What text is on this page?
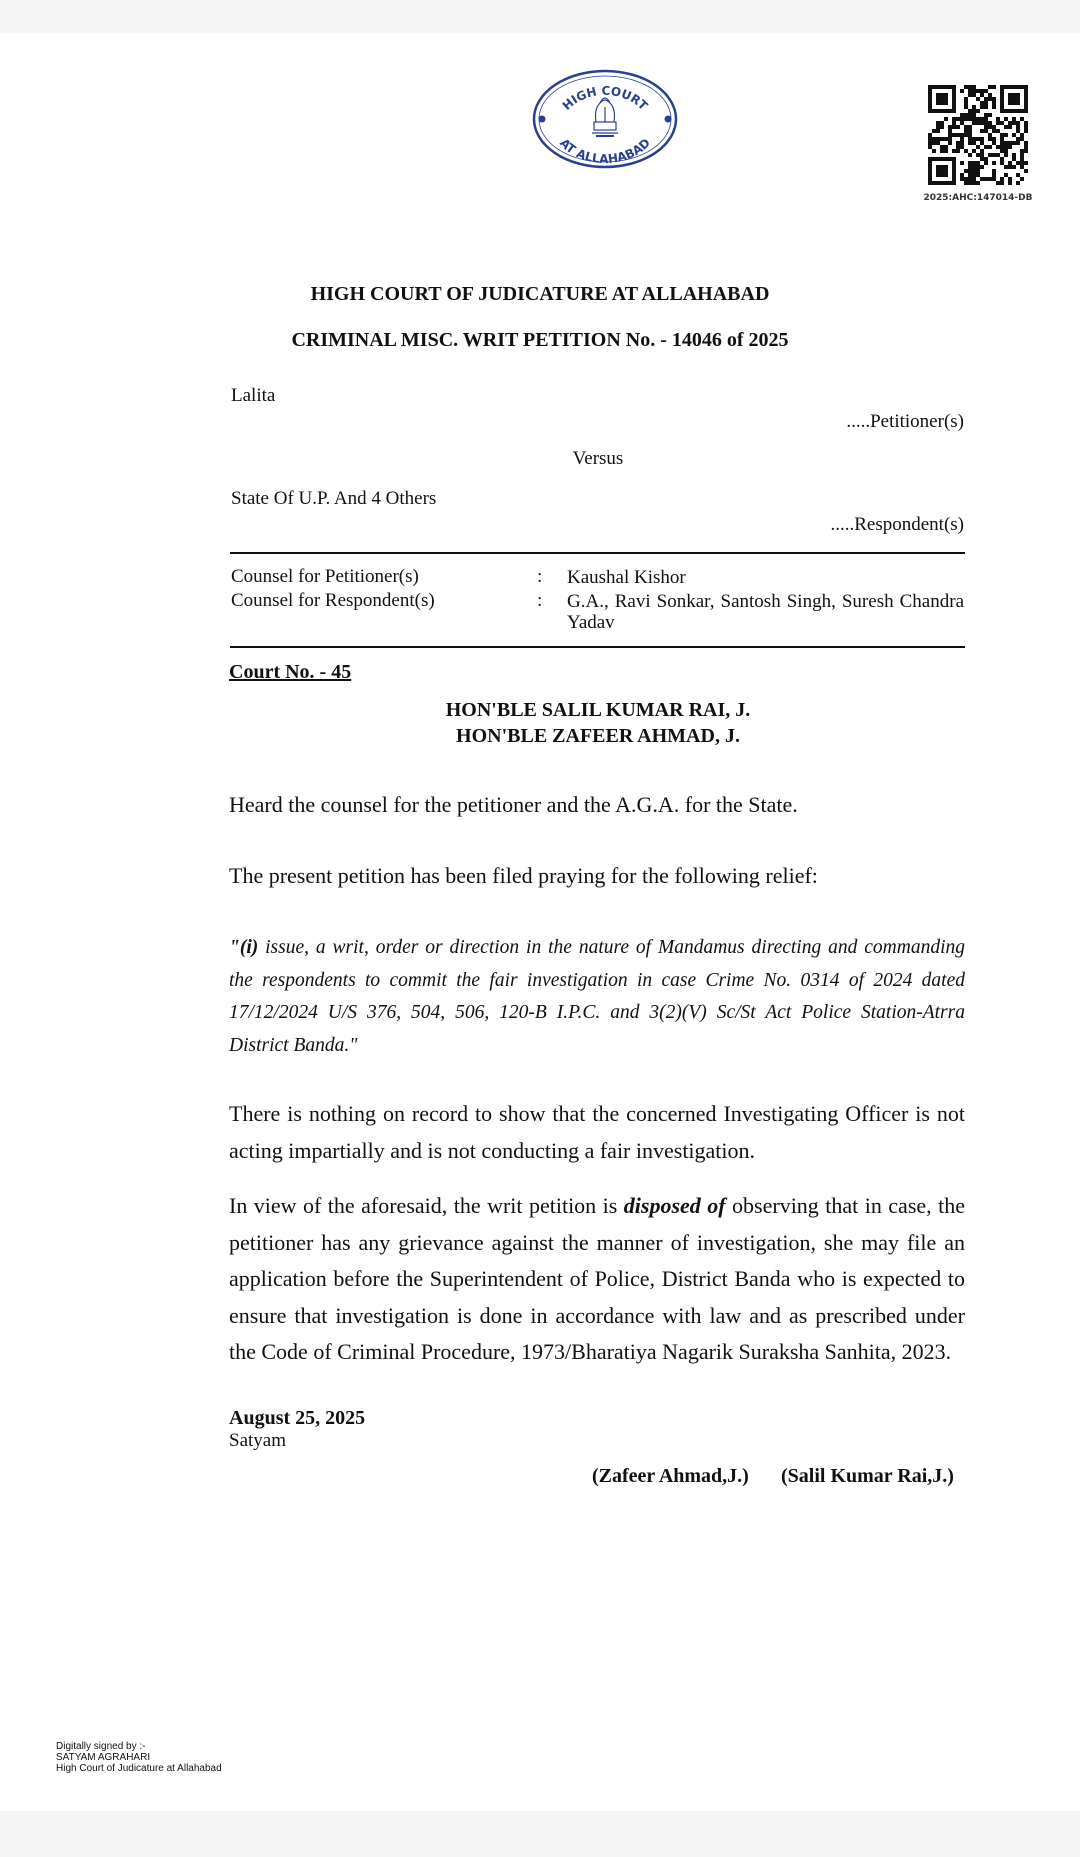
HIGH COURT
AT ALLAHABAD
2025:AHC:147014-DB
HIGH COURT OF JUDICATURE AT ALLAHABAD
CRIMINAL MISC. WRIT PETITION No. - 14046 of 2025
Lalita
.....Petitioner(s)
Versus
State Of U.P. And 4 Others
.....Respondent(s)
Counsel for Petitioner(s)	: Kaushal Kishor
Counsel for Respondent(s)	: G.A., Ravi Sonkar, Santosh Singh, Suresh Chandra Yadav
Court No. - 45
HON'BLE SALIL KUMAR RAI, J.
HON'BLE ZAFEER AHMAD, J.
Heard the counsel for the petitioner and the A.G.A. for the State.
The present petition has been filed praying for the following relief:
"(i) issue, a writ, order or direction in the nature of Mandamus directing and commanding the respondents to commit the fair investigation in case Crime No. 0314 of 2024 dated 17/12/2024 U/S 376, 504, 506, 120-B I.P.C. and 3(2)(V) Sc/St Act Police Station-Atrra District Banda."
There is nothing on record to show that the concerned Investigating Officer is not acting impartially and is not conducting a fair investigation.
In view of the aforesaid, the writ petition is disposed of observing that in case, the petitioner has any grievance against the manner of investigation, she may file an application before the Superintendent of Police, District Banda who is expected to ensure that investigation is done in accordance with law and as prescribed under the Code of Criminal Procedure, 1973/Bharatiya Nagarik Suraksha Sanhita, 2023.
August 25, 2025
Satyam
(Zafeer Ahmad,J.) (Salil Kumar Rai,J.)
Digitally signed by :-
SATYAM AGRAHARI
High Court of Judicature at Allahabad
